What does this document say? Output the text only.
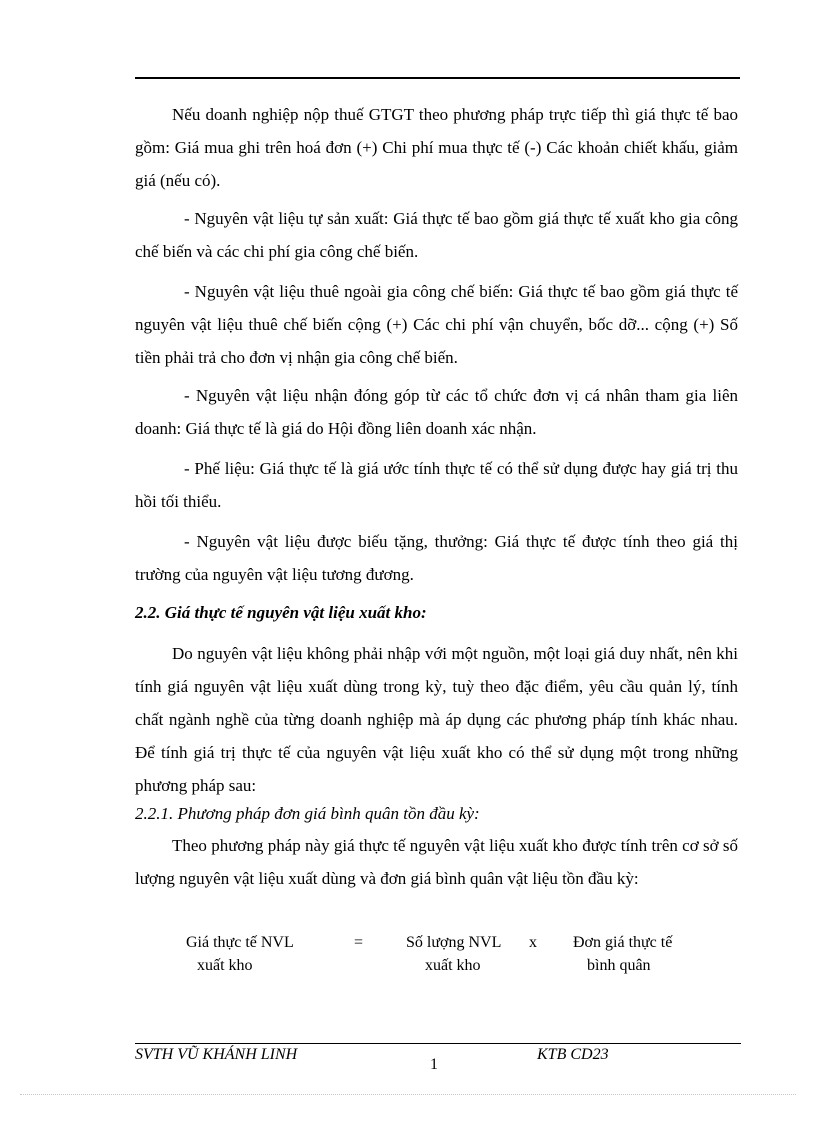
Nếu doanh nghiệp nộp thuế GTGT theo phương pháp trực tiếp thì giá thực tế bao gồm: Giá mua ghi trên hoá đơn (+) Chi phí mua thực tế (-) Các khoản chiết khấu, giảm giá (nếu có).

- Nguyên vật liệu tự sản xuất: Giá thực tế bao gồm giá thực tế xuất kho gia công chế biến và các chi phí gia công chế biến.

- Nguyên vật liệu thuê ngoài gia công chế biến: Giá thực tế bao gồm giá thực tế nguyên vật liệu thuê chế biến cộng (+) Các chi phí vận chuyển, bốc dỡ... cộng (+) Số tiền phải trả cho đơn vị nhận gia công chế biến.

- Nguyên vật liệu nhận đóng góp từ các tổ chức đơn vị cá nhân tham gia liên doanh: Giá thực tế là giá do Hội đồng liên doanh xác nhận.

- Phế liệu: Giá thực tế là giá ước tính thực tế có thể sử dụng được hay giá trị thu hồi tối thiểu.

- Nguyên vật liệu được biếu tặng, thưởng: Giá thực tế được tính theo giá thị trường của nguyên vật liệu tương đương.

2.2. Giá thực tế nguyên vật liệu xuất kho:

Do nguyên vật liệu không phải nhập với một nguồn, một loại giá duy nhất, nên khi tính giá nguyên vật liệu xuất dùng trong kỳ, tuỳ theo đặc điểm, yêu cầu quản lý, tính chất ngành nghề của từng doanh nghiệp mà áp dụng các phương pháp tính khác nhau. Để tính giá trị thực tế của nguyên vật liệu xuất kho có thể sử dụng một trong những phương pháp sau:

2.2.1. Phương pháp đơn giá bình quân tồn đầu kỳ:

Theo phương pháp này giá thực tế nguyên vật liệu xuất kho được tính trên cơ sở số lượng nguyên vật liệu xuất dùng và đơn giá bình quân vật liệu tồn đầu kỳ:

Giá thực tế NVL
xuất kho
=	Số lượng NVL
xuất kho
x Đơn giá thực tế
bình quân
SVTH VŨ KHÁNH LINH
1
KTB CD23
